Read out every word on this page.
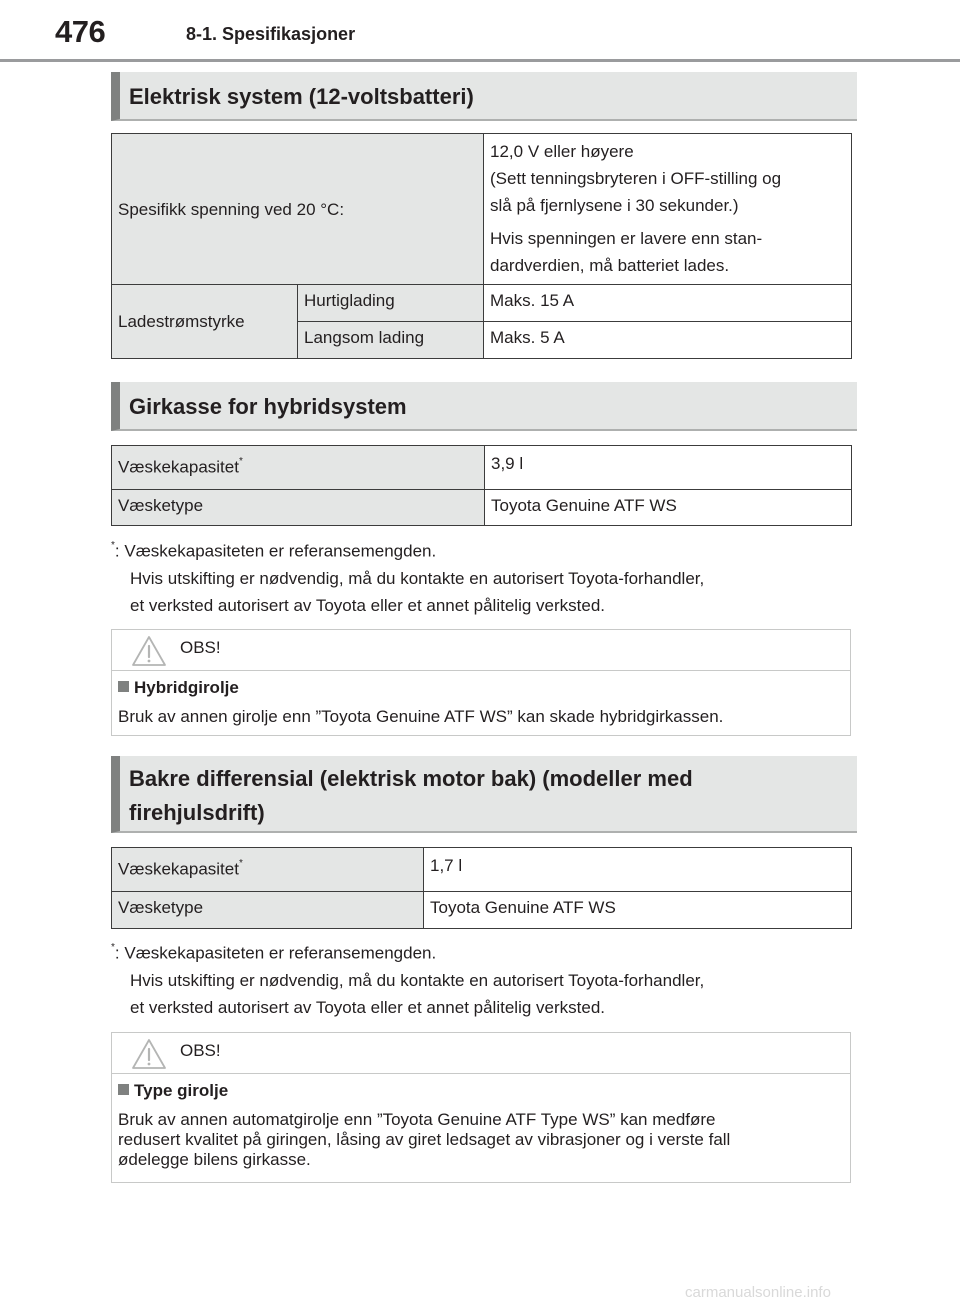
476	8-1. Spesifikasjoner
Elektrisk system (12-voltsbatteri)
Spesifikk spenning ved 20 °C:		12,0 V eller høyere
(Sett tenningsbryteren i OFF-stilling og
slå på fjernlysene i 30 sekunder.)
Hvis spenningen er lavere enn stan-
dardverdien, må batteriet lades.

Ladestrømstyrke	Hurtiglading	Maks. 15 A
	Langsom lading	Maks. 5 A
Girkasse for hybridsystem
Væskekapasitet*	3,9 l
Væsketype	Toyota Genuine ATF WS
*: Væskekapasiteten er referansemengden.
Hvis utskifting er nødvendig, må du kontakte en autorisert Toyota-forhandler,
et verksted autorisert av Toyota eller et annet pålitelig verksted.
OBS!
Hybridgirolje
Bruk av annen girolje enn ”Toyota Genuine ATF WS” kan skade hybridgirkassen.
Bakre differensial (elektrisk motor bak) (modeller med
firehjulsdrift)
Væskekapasitet*	1,7 l
Væsketype	Toyota Genuine ATF WS
*: Væskekapasiteten er referansemengden.
Hvis utskifting er nødvendig, må du kontakte en autorisert Toyota-forhandler,
et verksted autorisert av Toyota eller et annet pålitelig verksted.
OBS!
Type girolje
Bruk av annen automatgirolje enn ”Toyota Genuine ATF Type WS” kan medføre
redusert kvalitet på giringen, låsing av giret ledsaget av vibrasjoner og i verste fall
ødelegge bilens girkasse.
carmanualsonline.info
